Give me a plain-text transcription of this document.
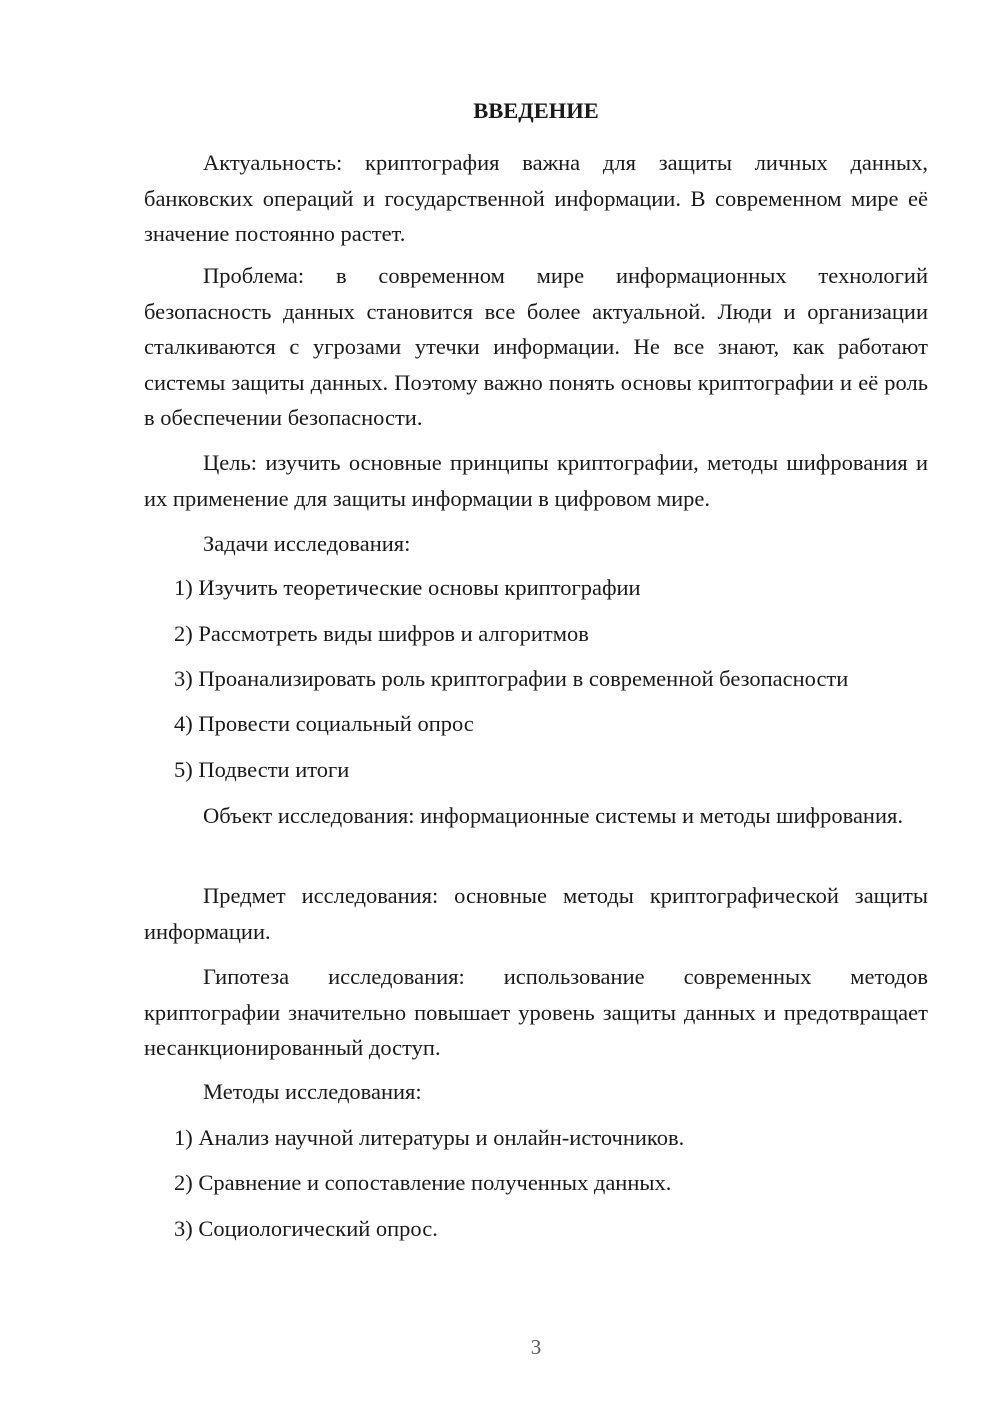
ВВЕДЕНИЕ

Актуальность: криптография важна для защиты личных данных, банковских операций и государственной информации. В современном мире её значение постоянно растет.

Проблема: в современном мире информационных технологий безопасность данных становится все более актуальной. Люди и организации сталкиваются с угрозами утечки информации. Не все знают, как работают системы защиты данных. Поэтому важно понять основы криптографии и её роль в обеспечении безопасности.

Цель: изучить основные принципы криптографии, методы шифрования и их применение для защиты информации в цифровом мире.

Задачи исследования:

1) Изучить теоретические основы криптографии

2) Рассмотреть виды шифров и алгоритмов

3) Проанализировать роль криптографии в современной безопасности

4) Провести социальный опрос

5) Подвести итоги

Объект исследования: информационные системы и методы шифрования.

Предмет исследования: основные методы криптографической защиты информации.

Гипотеза исследования: использование современных методов криптографии значительно повышает уровень защиты данных и предотвращает несанкционированный доступ.

Методы исследования:

1) Анализ научной литературы и онлайн-источников.

2) Сравнение и сопоставление полученных данных.

3) Социологический опрос.

3
